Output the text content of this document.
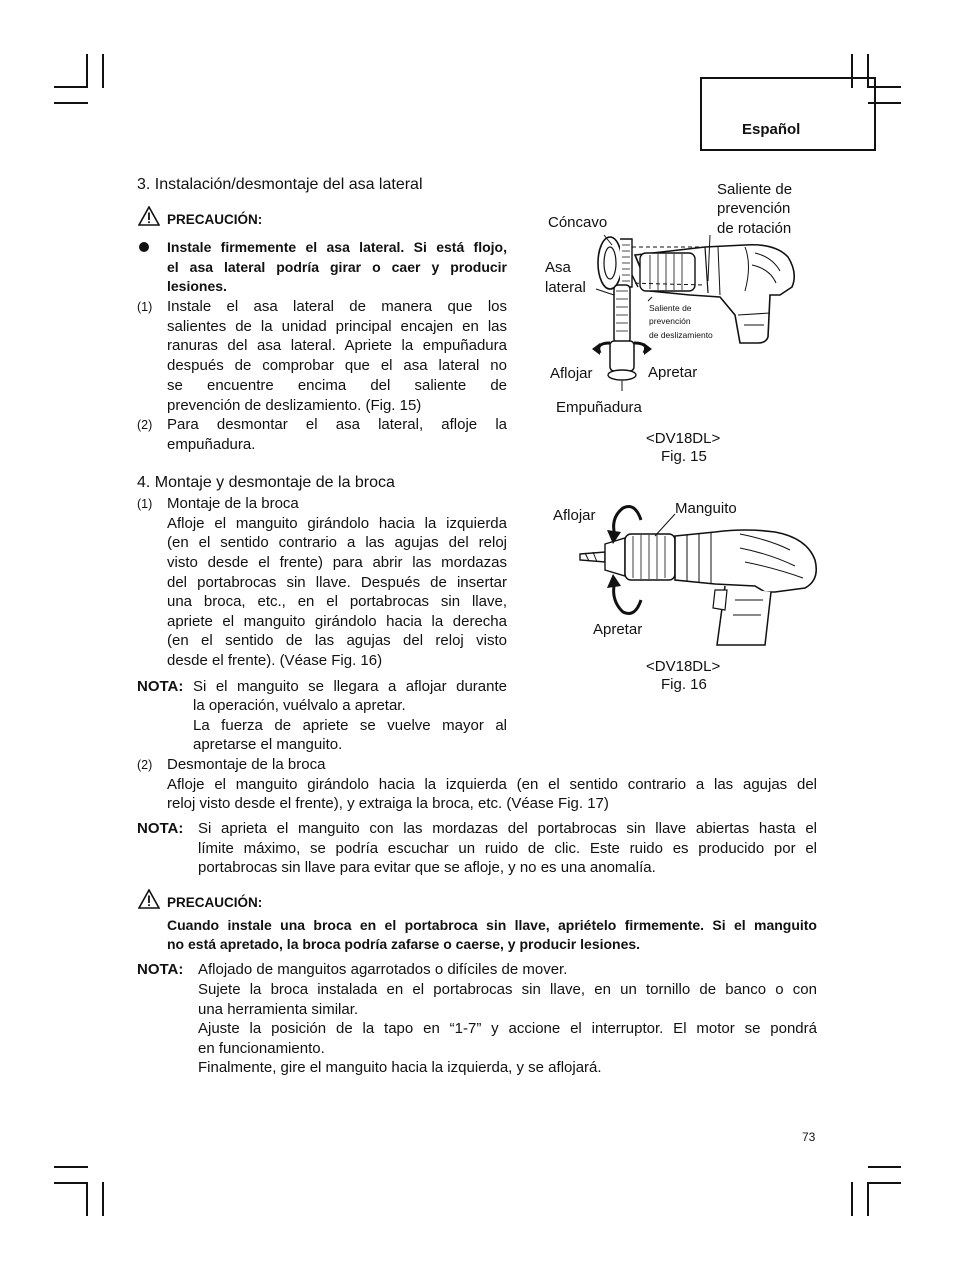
Español
3. Instalación/desmontaje del asa lateral
PRECAUCIÓN:
Instale firmemente el asa lateral. Si está flojo,
el asa lateral podría girar o caer y producir
lesiones.
(1) Instale el asa lateral de manera que los
salientes de la unidad principal encajen en las
ranuras del asa lateral. Apriete la empuñadura
después de comprobar que el asa lateral no
se encuentre encima del saliente de
prevención de deslizamiento. (Fig. 15)
(2) Para desmontar el asa lateral, afloje la
empuñadura.
4. Montaje y desmontaje de la broca
(1) Montaje de la broca
Afloje el manguito girándolo hacia la izquierda
(en el sentido contrario a las agujas del reloj
visto desde el frente) para abrir las mordazas
del portabrocas sin llave. Después de insertar
una broca, etc., en el portabrocas sin llave,
apriete el manguito girándolo hacia la derecha
(en el sentido de las agujas del reloj visto
desde el frente). (Véase Fig. 16)
NOTA: Si el manguito se llegara a aflojar durante
la operación, vuélvalo a apretar.
La fuerza de apriete se vuelve mayor al
apretarse el manguito.
(2) Desmontaje de la broca
Afloje el manguito girándolo hacia la izquierda (en el sentido contrario a las agujas del
reloj visto desde el frente), y extraiga la broca, etc. (Véase Fig. 17)
NOTA: Si aprieta el manguito con las mordazas del portabrocas sin llave abiertas hasta el
límite máximo, se podría escuchar un ruido de clic. Este ruido es producido por el
portabrocas sin llave para evitar que se afloje, y no es una anomalía.
PRECAUCIÓN:
Cuando instale una broca en el portabroca sin llave, apriételo firmemente. Si el manguito
no está apretado, la broca podría zafarse o caerse, y producir lesiones.
NOTA: Aflojado de manguitos agarrotados o difíciles de mover.
Sujete la broca instalada en el portabrocas sin llave, en un tornillo de banco o con
una herramienta similar.
Ajuste la posición de la tapo en “1-7” y accione el interruptor. El motor se pondrá
en funcionamiento.
Finalmente, gire el manguito hacia la izquierda, y se aflojará.
Saliente de
prevención
de rotación
Cóncavo
Asa
lateral
Saliente de
prevención
de deslizamiento
Aflojar	Apretar
Empuñadura
<DV18DL>
Fig. 15
Aflojar	Manguito
Apretar
<DV18DL>
Fig. 16
73
